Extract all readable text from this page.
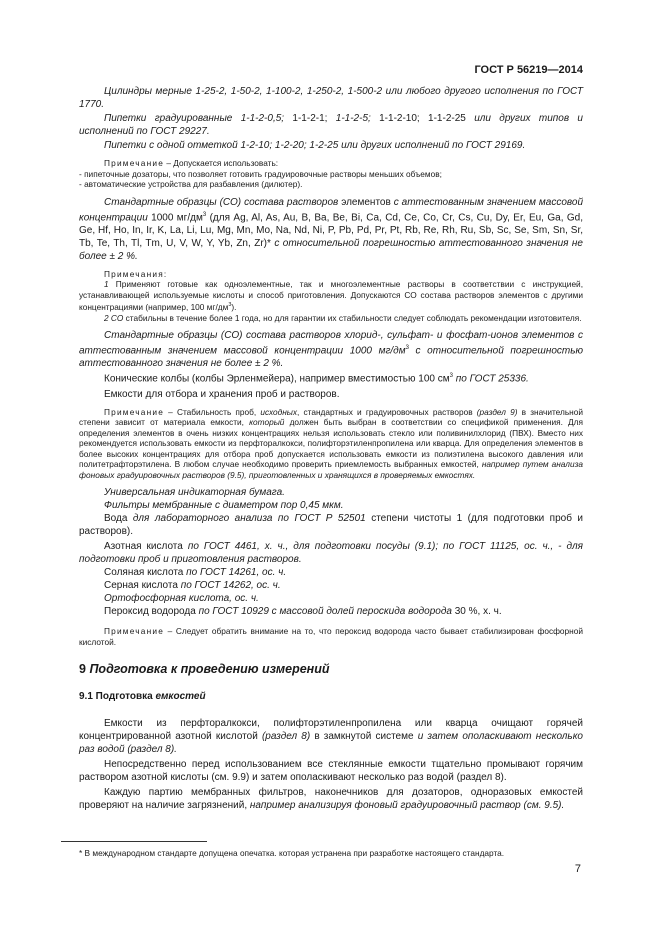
ГОСТ Р 56219—2014

Цилиндры мерные 1-25-2, 1-50-2, 1-100-2, 1-250-2, 1-500-2 или любого другого исполнения по ГОСТ 1770.

Пипетки градуированные 1-1-2-0,5; 1-1-2-1; 1-1-2-5; 1-1-2-10; 1-1-2-25 или других типов и исполнений по ГОСТ 29227.

Пипетки с одной отметкой 1-2-10; 1-2-20; 1-2-25 или других исполнений по ГОСТ 29169.

Примечание – Допускается использовать:

- пипеточные дозаторы, что позволяет готовить градуировочные растворы меньших объемов;

- автоматические устройства для разбавления (дилютер).

Стандартные образцы (СО) состава растворов элементов с аттестованным значением массовой концентрации 1000 $мг/дм^3$ (для Ag, Al, As, Au, B, Ba, Be, Bi, Ca, Cd, Ce, Co, Cr, Cs, Cu, Dy, Er, Eu, Ga, Gd, Ge, Hf, Ho, In, Ir, K, La, Li, Lu, Mg, Mn, Mo, Na, Nd, Ni, P, Pb, Pd, Pr, Pt, Rb, Re, Rh, Ru, Sb, Sc, Se, Sm, Sn, Sr, Tb, Te, Th, Tl, Tm, U, V, W, Y, Yb, Zn, Zr)* с относительной погрешностью аттестованного значения не более ± 2 %.

Примечания:

1 Применяют готовые как одноэлементные, так и многоэлементные растворы в соответствии с инструкцией, устанавливающей используемые кислоты и способ приготовления. Допускаются СО состава растворов элементов с другими концентрациями (например, 100 $мг/дм^3$).

2 СО стабильны в течение более 1 года, но для гарантии их стабильности следует соблюдать рекомендации изготовителя.

Стандартные образцы (СО) состава растворов хлорид-, сульфат- и фосфат-ионов элементов с аттестованным значением массовой концентрации 1000 $мг/дм^3$ с относительной погрешностью аттестованного значения не более ± 2 %.

Конические колбы (колбы Эрленмейера), например вместимостью 100 $см^3$ по ГОСТ 25336.

Емкости для отбора и хранения проб и растворов.

Примечание – Стабильность проб, исходных, стандартных и градуировочных растворов (раздел 9) в значительной степени зависит от материала емкости, который должен быть выбран в соответствии со спецификой применения. Для определения элементов в очень низких концентрациях нельзя использовать стекло или поливинилхлорид (ПВХ). Вместо них рекомендуется использовать емкости из перфторалкокси, полифторэтиленпропилена или кварца. Для определения элементов в более высоких концентрациях для отбора проб допускается использовать емкости из полиэтилена высокого давления или политетрафторэтилена. В любом случае необходимо проверить приемлемость выбранных емкостей, например путем анализа фоновых градуировочных растворов (9.5), приготовленных и хранящихся в проверяемых емкостях.

Универсальная индикаторная бумага.

Фильтры мембранные с диаметром пор 0,45 мкм.

Вода для лабораторного анализа по ГОСТ Р 52501 степени чистоты 1 (для подготовки проб и растворов).

Азотная кислота по ГОСТ 4461, х. ч., для подготовки посуды (9.1); по ГОСТ 11125, ос. ч., - для подготовки проб и приготовления растворов.

Соляная кислота по ГОСТ 14261, ос. ч.

Серная кислота по ГОСТ 14262, ос. ч.

Ортофосфорная кислота, ос. ч.

Пероксид водорода по ГОСТ 10929 с массовой долей пероскида водорода 30 %, х. ч.

Примечание – Следует обратить внимание на то, что пероксид водорода часто бывает стабилизирован фосфорной кислотой.

9 Подготовка к проведению измерений
9.1 Подготовка емкостей

Емкости из перфторалкокси, полифторэтиленпропилена или кварца очищают горячей концентрированной азотной кислотой (раздел 8) в замкнутой системе и затем ополаскивают несколько раз водой (раздел 8).

Непосредственно перед использованием все стеклянные емкости тщательно промывают горячим раствором азотной кислоты (см. 9.9) и затем ополаскивают несколько раз водой (раздел 8).

Каждую партию мембранных фильтров, наконечников для дозаторов, одноразовых емкостей проверяют на наличие загрязнений, например анализируя фоновый градуировочный раствор (см. 9.5).

* В международном стандарте допущена опечатка. которая устранена при разработке настоящего стандарта.
7
